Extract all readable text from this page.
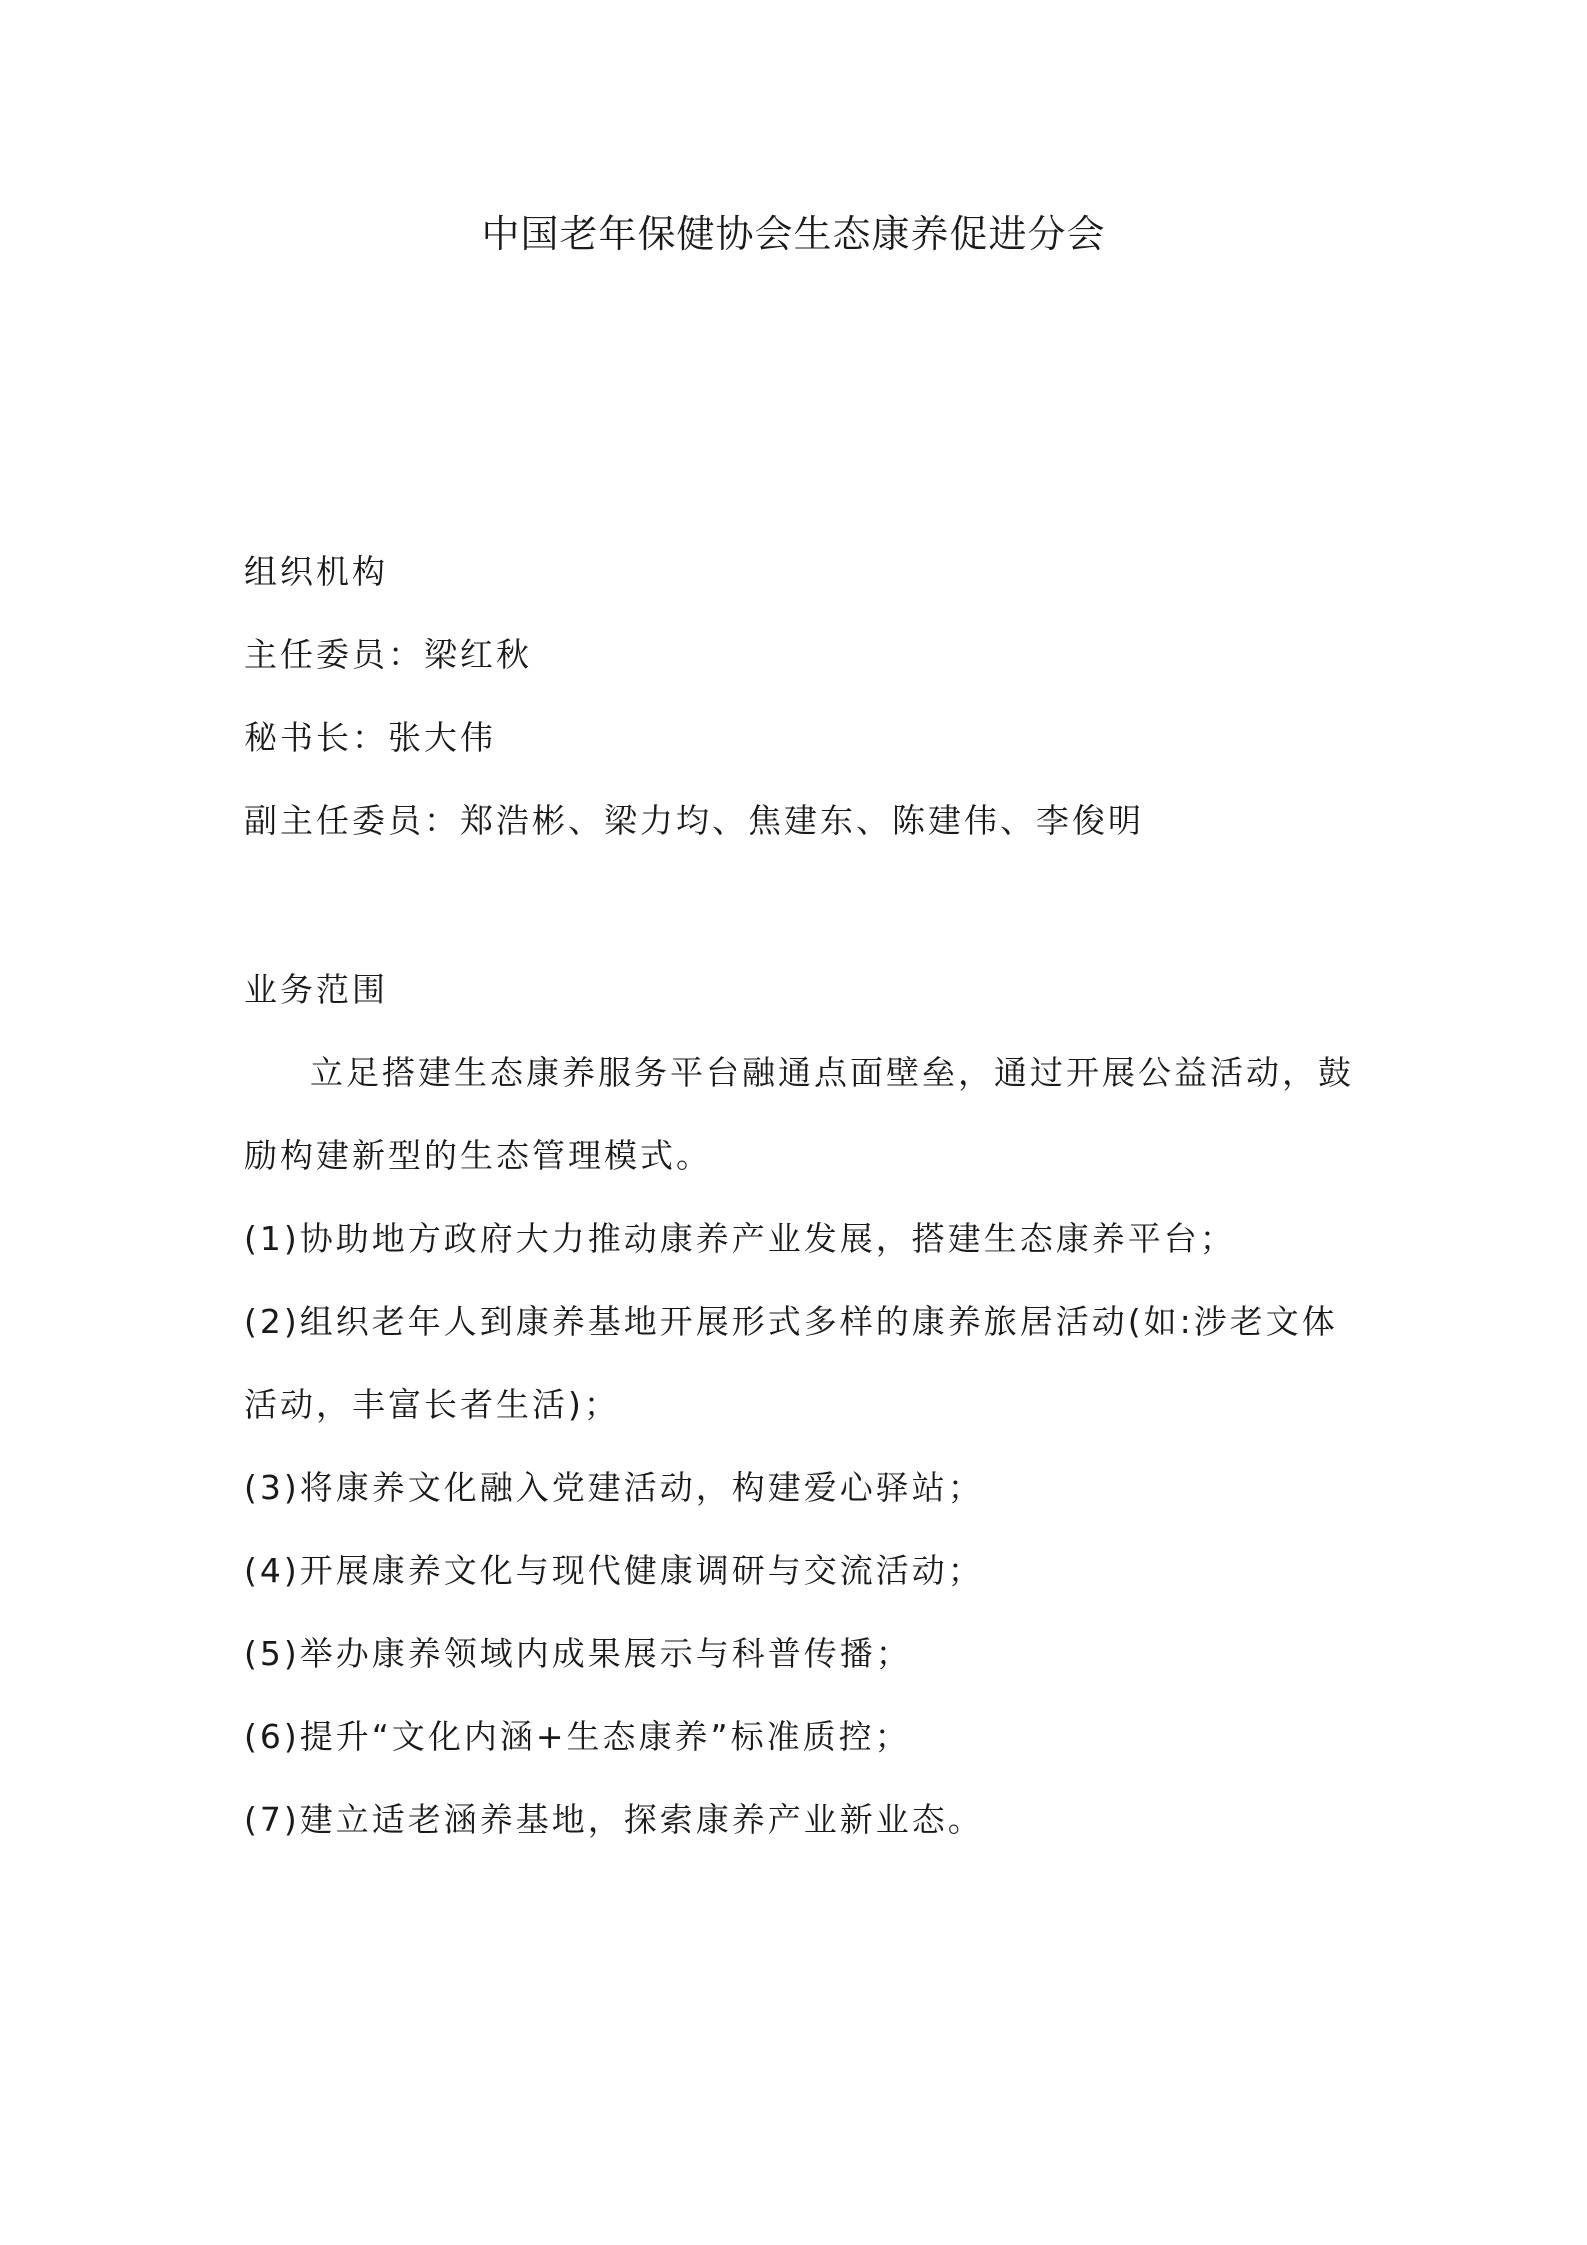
中国老年保健协会生态康养促进分会

组织机构

主任委员：梁红秋

秘书长：张大伟

副主任委员：郑浩彬、梁力均、焦建东、陈建伟、李俊明

业务范围

立足搭建生态康养服务平台融通点面壁垒，通过开展公益活动，鼓励构建新型的生态管理模式。

(1)协助地方政府大力推动康养产业发展，搭建生态康养平台；

(2)组织老年人到康养基地开展形式多样的康养旅居活动(如:涉老文体活动，丰富长者生活)；

(3)将康养文化融入党建活动，构建爱心驿站；

(4)开展康养文化与现代健康调研与交流活动；

(5)举办康养领域内成果展示与科普传播；

(6)提升“文化内涵+生态康养”标准质控；

(7)建立适老涵养基地，探索康养产业新业态。
